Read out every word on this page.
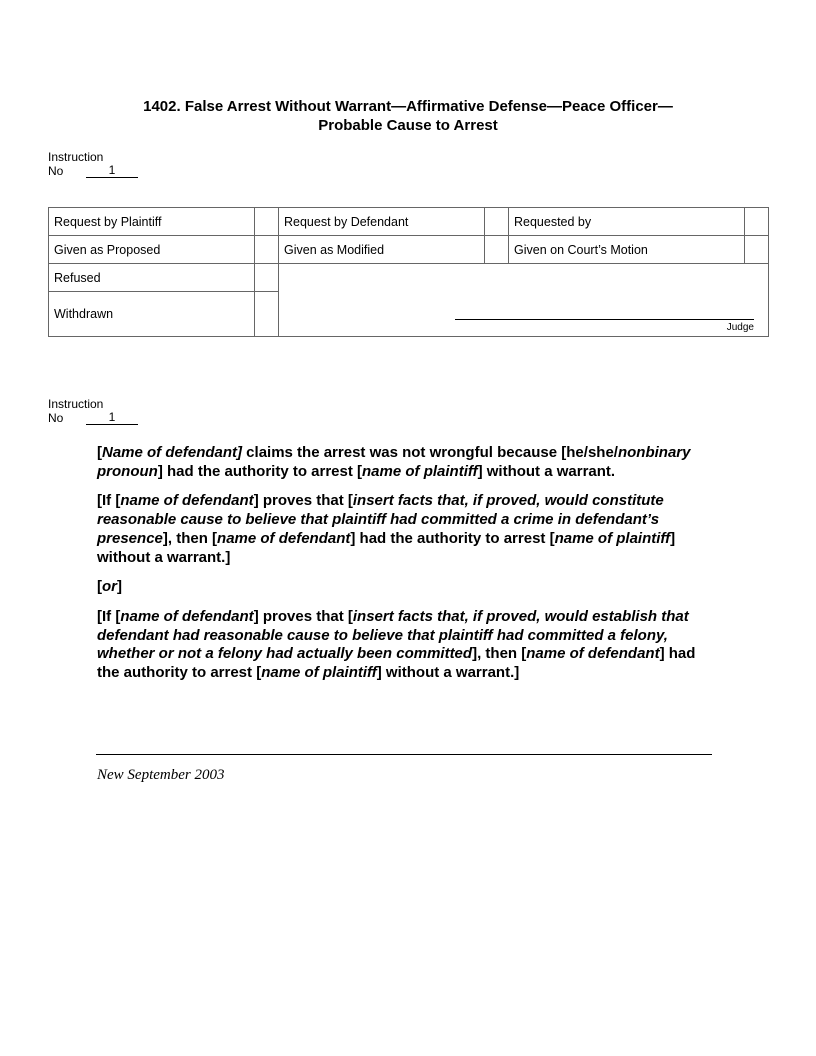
1402. False Arrest Without Warrant—Affirmative Defense—Peace Officer—
Probable Cause to Arrest
Instruction
No	1
Request by Plaintiff		Request by Defendant		Requested by	
Given as Proposed		Given as Modified		Given on Court’s Motion	
Refused		Judge			

Withdrawn					
Instruction
No	1

[Name of defendant] claims the arrest was not wrongful because [he/she/nonbinary pronoun] had the authority to arrest [name of plaintiff] without a warrant.

[If [name of defendant] proves that [insert facts that, if proved, would constitute reasonable cause to believe that plaintiff had committed a crime in defendant’s presence], then [name of defendant] had the authority to arrest [name of plaintiff] without a warrant.]

[or]

[If [name of defendant] proves that [insert facts that, if proved, would establish that defendant had reasonable cause to believe that plaintiff had committed a felony, whether or not a felony had actually been committed], then [name of defendant] had the authority to arrest [name of plaintiff] without a warrant.]

New September 2003
